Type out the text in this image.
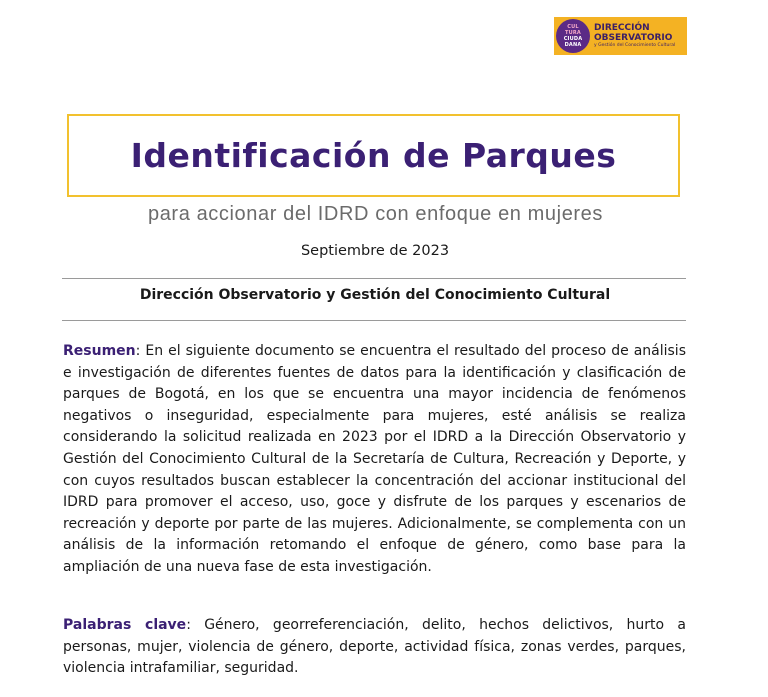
CUL
TURA
CIUDA
DANA
DIRECCIÓN
OBSERVATORIO
y Gestión del Conocimiento Cultural
Identificación de Parques
para accionar del IDRD con enfoque en mujeres
Septiembre de 2023
Dirección Observatorio y Gestión del Conocimiento Cultural

Resumen: En el siguiente documento se encuentra el resultado del proceso de análisis e investigación de diferentes fuentes de datos para la identificación y clasificación de parques de Bogotá, en los que se encuentra una mayor incidencia de fenómenos negativos o inseguridad, especialmente para mujeres, esté análisis se realiza considerando la solicitud realizada en 2023 por el IDRD a la Dirección Observatorio y Gestión del Conocimiento Cultural de la Secretaría de Cultura, Recreación y Deporte, y con cuyos resultados buscan establecer la concentración del accionar institucional del IDRD para promover el acceso, uso, goce y disfrute de los parques y escenarios de recreación y deporte por parte de las mujeres. Adicionalmente, se complementa con un análisis de la información retomando el enfoque de género, como base para la ampliación de una nueva fase de esta investigación.

Palabras clave: Género, georreferenciación, delito, hechos delictivos, hurto a personas, mujer, violencia de género, deporte, actividad física, zonas verdes, parques, violencia intrafamiliar, seguridad.
